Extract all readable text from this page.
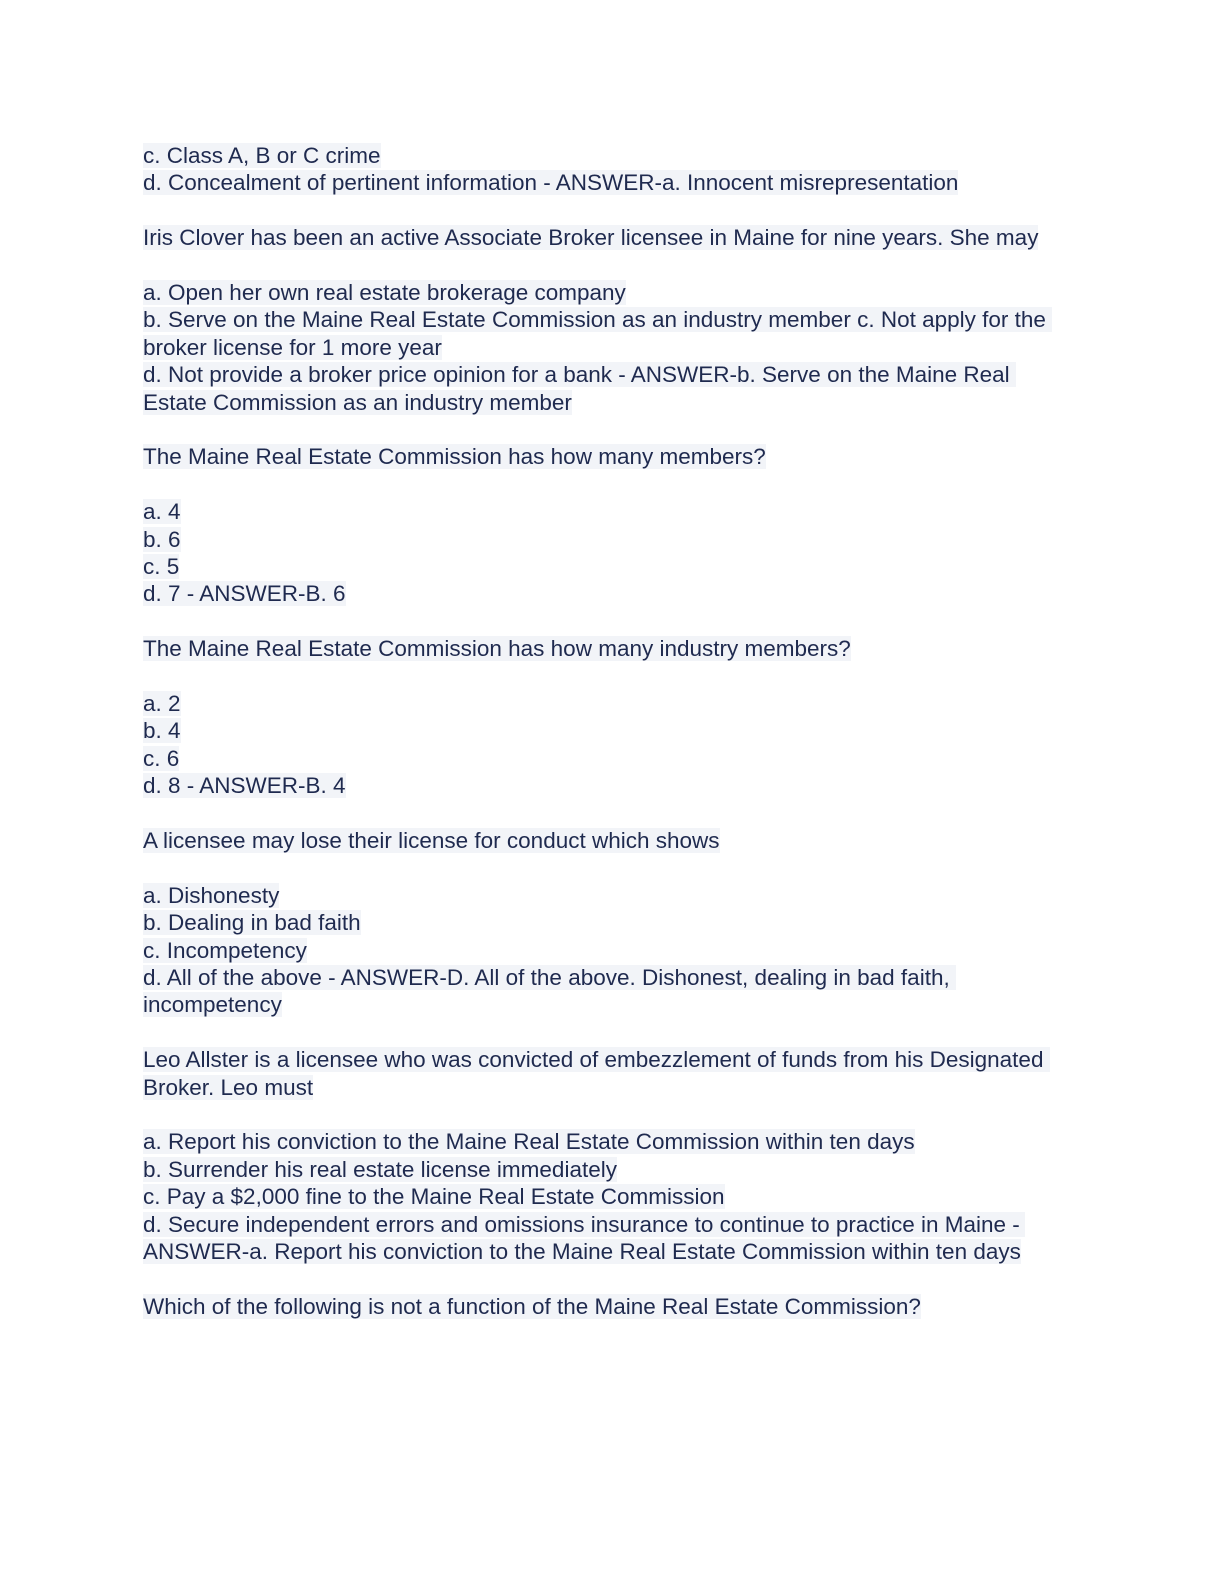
c. Class A, B or C crime
d. Concealment of pertinent information - ANSWER-a. Innocent misrepresentation
Iris Clover has been an active Associate Broker licensee in Maine for nine years. She may
a. Open her own real estate brokerage company
b. Serve on the Maine Real Estate Commission as an industry member c. Not apply for the broker license for 1 more year
d. Not provide a broker price opinion for a bank - ANSWER-b. Serve on the Maine Real Estate Commission as an industry member
The Maine Real Estate Commission has how many members?
a. 4
b. 6
c. 5
d. 7 - ANSWER-B. 6
The Maine Real Estate Commission has how many industry members?
a. 2
b. 4
c. 6
d. 8 - ANSWER-B. 4
A licensee may lose their license for conduct which shows
a. Dishonesty
b. Dealing in bad faith
c. Incompetency
d. All of the above - ANSWER-D. All of the above. Dishonest, dealing in bad faith, incompetency
Leo Allster is a licensee who was convicted of embezzlement of funds from his Designated Broker. Leo must
a. Report his conviction to the Maine Real Estate Commission within ten days
b. Surrender his real estate license immediately
c. Pay a $2,000 fine to the Maine Real Estate Commission
d. Secure independent errors and omissions insurance to continue to practice in Maine - ANSWER-a. Report his conviction to the Maine Real Estate Commission within ten days
Which of the following is not a function of the Maine Real Estate Commission?
